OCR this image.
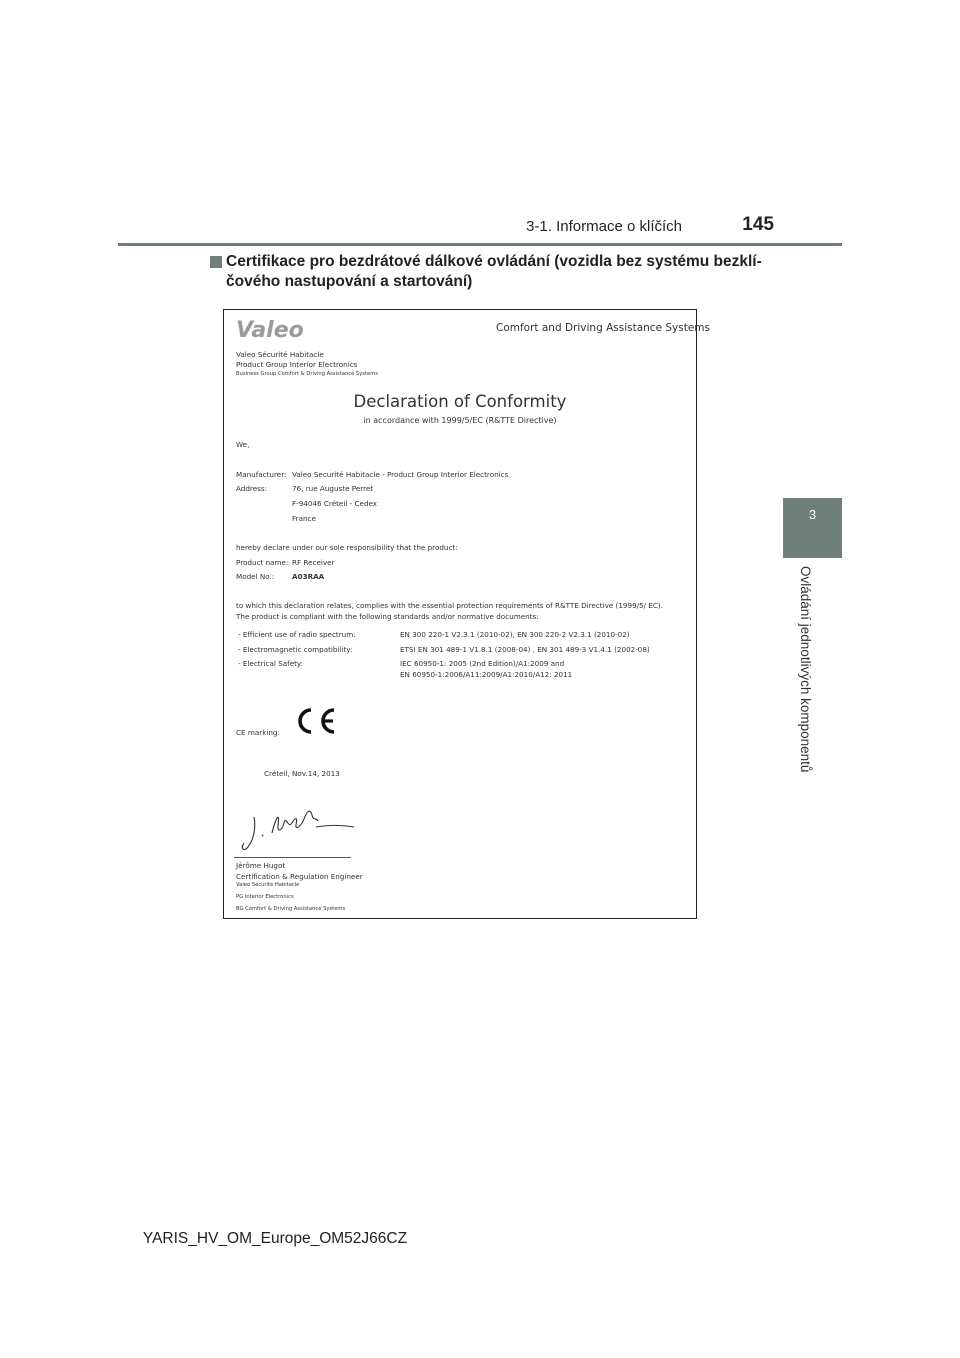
3-1. Informace o klíčích	145
3
Ovládání jednotlivých komponentů
Certifikace pro bezdrátové dálkové ovládání (vozidla bez systému bezklíčového nastupování a startování)
Valeo	Comfort and Driving Assistance Systems
Valeo Sécurité Habitacle
Product Group Interior Electronics
Business Group Comfort & Driving Assistance Systems
Declaration of Conformity
in accordance with 1999/5/EC (R&TTE Directive)
We,
Manufacturer: Valeo Securité Habitacle - Product Group Interior Electronics
Address:	76, rue Auguste Perret
F-94046 Créteil - Cedex
France
hereby declare under our sole responsibility that the product:
Product name: RF Receiver
Model No.: A03RAA
to which this declaration relates, complies with the essential protection requirements of R&TTE Directive (1999/5/ EC).
The product is compliant with the following standards and/or normative documents:
- Efficient use of radio spectrum:	EN 300 220-1 V2.3.1 (2010-02), EN 300 220-2 V2.3.1 (2010-02)
- Electromagnetic compatibility:	ETSI EN 301 489-1 V1.8.1 (2008-04) , EN 301 489-3 V1.4.1 (2002-08)
- Electrical Safety:	IEC 60950-1: 2005 (2nd Edition)/A1:2009 and
EN 60950-1:2006/A11:2009/A1:2010/A12: 2011
CE marking:
Créteil, Nov.14, 2013
Jérôme Hugot
Certification & Regulation Engineer
Valeo Sécurité Habitacle
PG Interior Electronics
BG Comfort & Driving Assistance Systems
YARIS_HV_OM_Europe_OM52J66CZ
